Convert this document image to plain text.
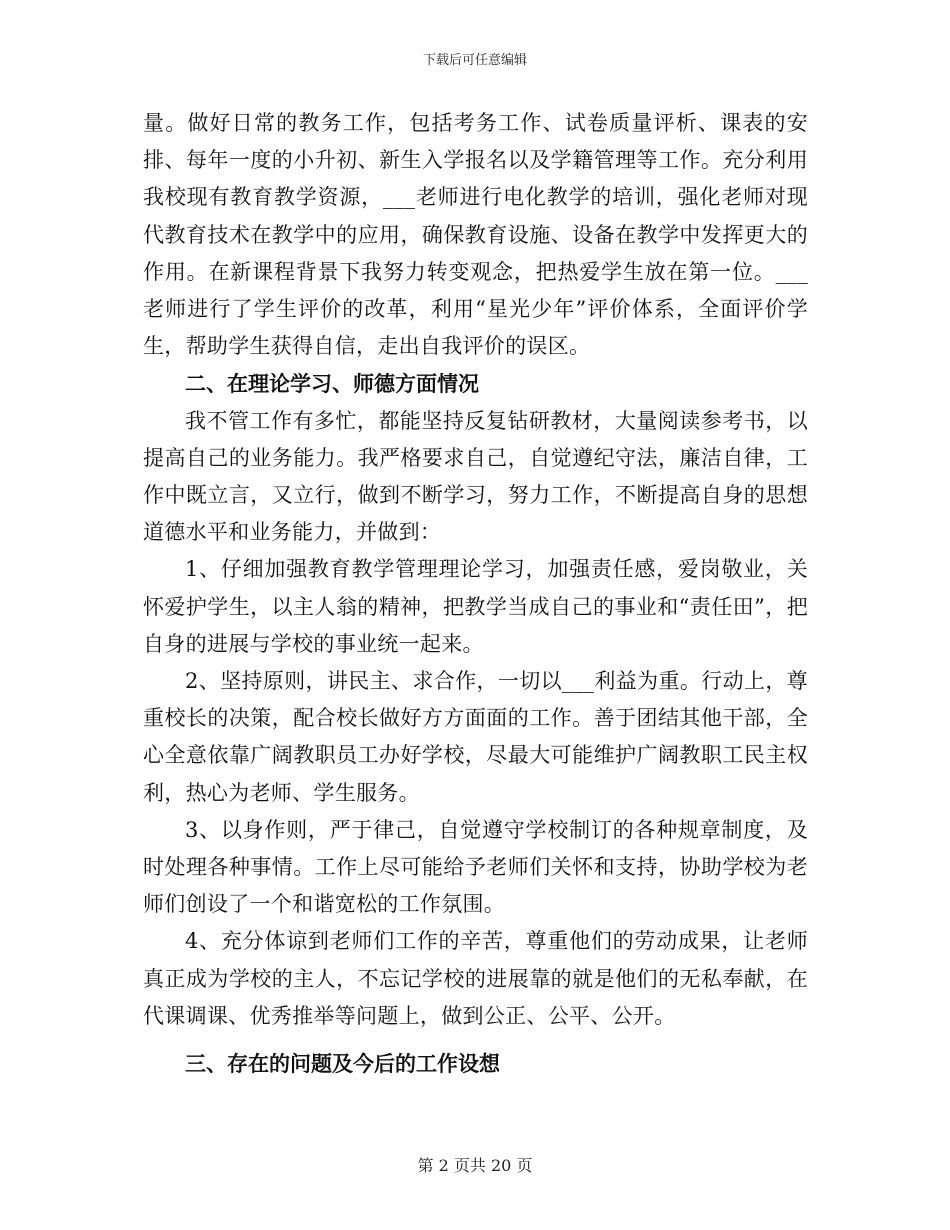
下载后可任意编辑

量。做好日常的教务工作，包括考务工作、试卷质量评析、课表的安排、每年一度的小升初、新生入学报名以及学籍管理等工作。充分利用我校现有教育教学资源，___老师进行电化教学的培训，强化老师对现代教育技术在教学中的应用，确保教育设施、设备在教学中发挥更大的作用。在新课程背景下我努力转变观念，把热爱学生放在第一位。___老师进行了学生评价的改革，利用“星光少年”评价体系，全面评价学生，帮助学生获得自信，走出自我评价的误区。

二、在理论学习、师德方面情况

我不管工作有多忙，都能坚持反复钻研教材，大量阅读参考书，以提高自己的业务能力。我严格要求自己，自觉遵纪守法，廉洁自律，工作中既立言，又立行，做到不断学习，努力工作，不断提高自身的思想道德水平和业务能力，并做到：

1、仔细加强教育教学管理理论学习，加强责任感，爱岗敬业，关怀爱护学生，以主人翁的精神，把教学当成自己的事业和“责任田”，把自身的进展与学校的事业统一起来。

2、坚持原则，讲民主、求合作，一切以___利益为重。行动上，尊重校长的决策，配合校长做好方方面面的工作。善于团结其他干部，全心全意依靠广阔教职员工办好学校，尽最大可能维护广阔教职工民主权利，热心为老师、学生服务。

3、以身作则，严于律己，自觉遵守学校制订的各种规章制度，及时处理各种事情。工作上尽可能给予老师们关怀和支持，协助学校为老师们创设了一个和谐宽松的工作氛围。

4、充分体谅到老师们工作的辛苦，尊重他们的劳动成果，让老师真正成为学校的主人，不忘记学校的进展靠的就是他们的无私奉献，在代课调课、优秀推举等问题上，做到公正、公平、公开。

三、存在的问题及今后的工作设想

第 2 页共 20 页
